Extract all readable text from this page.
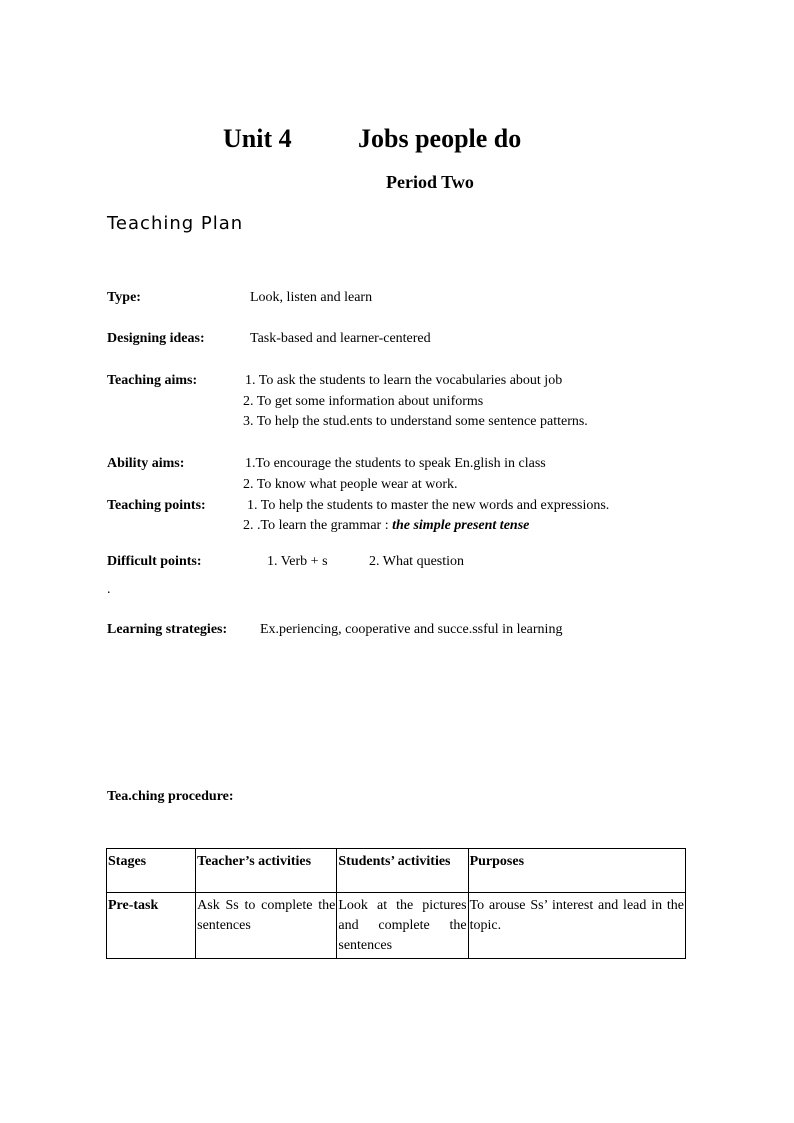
Unit 4	Jobs people do
Period Two
Teaching Plan
Type:	Look, listen and learn
Designing ideas:	Task-based and learner-centered
Teaching aims:	1. To ask the students to learn the vocabularies about job
2. To get some information about uniforms
3. To help the stud.ents to understand some sentence patterns.
Ability aims:	1.To encourage the students to speak En.glish in class
2. To know what people wear at work.
Teaching points:	1. To help the students to master the new words and expressions.
2. .To learn the grammar : the simple present tense
Difficult points:	1. Verb + s	2. What question
.
Learning strategies: Ex.periencing, cooperative and succe.ssful in learning
Tea.ching procedure:
Stages	Teacher’s activities	Students’ activities	Purposes
Pre-task	Ask Ss to complete the sentences	Look at the pictures and complete the sentences	To arouse Ss’ interest and lead in the topic.
